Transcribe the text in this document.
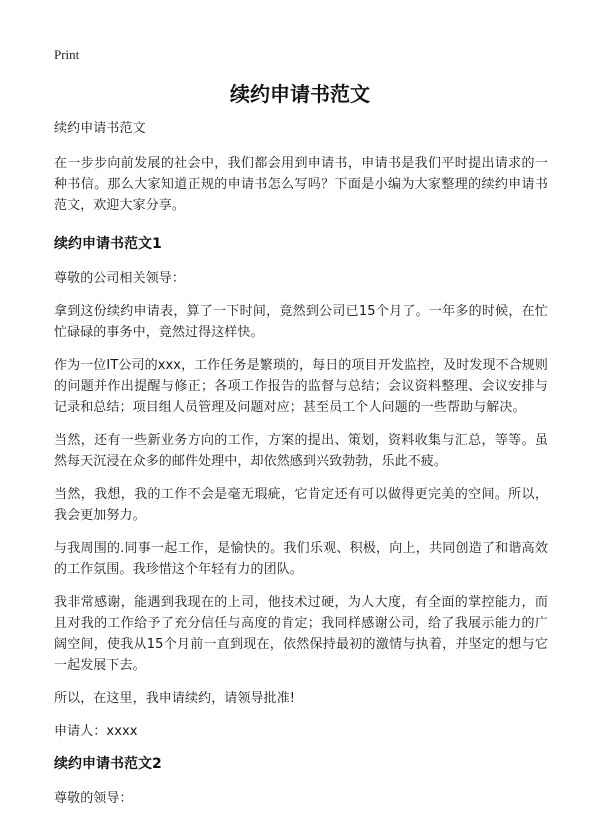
Print
续约申请书范文

续约申请书范文

在一步步向前发展的社会中，我们都会用到申请书，申请书是我们平时提出请求的一种书信。那么大家知道正规的申请书怎么写吗？下面是小编为大家整理的续约申请书范文，欢迎大家分享。

续约申请书范文1

尊敬的公司相关领导：

拿到这份续约申请表，算了一下时间，竟然到公司已15个月了。一年多的时候，在忙忙碌碌的事务中，竟然过得这样快。

作为一位IT公司的xxx，工作任务是繁琐的，每日的项目开发监控，及时发现不合规则的问题并作出提醒与修正；各项工作报告的监督与总结；会议资料整理、会议安排与记录和总结；项目组人员管理及问题对应；甚至员工个人问题的一些帮助与解决。

当然，还有一些新业务方向的工作，方案的提出、策划，资料收集与汇总，等等。虽然每天沉浸在众多的邮件处理中，却依然感到兴致勃勃，乐此不疲。

当然，我想，我的工作不会是毫无瑕疵，它肯定还有可以做得更完美的空间。所以，我会更加努力。

与我周围的.同事一起工作，是愉快的。我们乐观、积极，向上，共同创造了和谐高效的工作氛围。我珍惜这个年轻有力的团队。

我非常感谢，能遇到我现在的上司，他技术过硬，为人大度，有全面的掌控能力，而且对我的工作给予了充分信任与高度的肯定；我同样感谢公司，给了我展示能力的广阔空间，使我从15个月前一直到现在，依然保持最初的激情与执着，并坚定的想与它一起发展下去。

所以，在这里，我申请续约，请领导批准!

申请人：xxxx

续约申请书范文2

尊敬的领导：
